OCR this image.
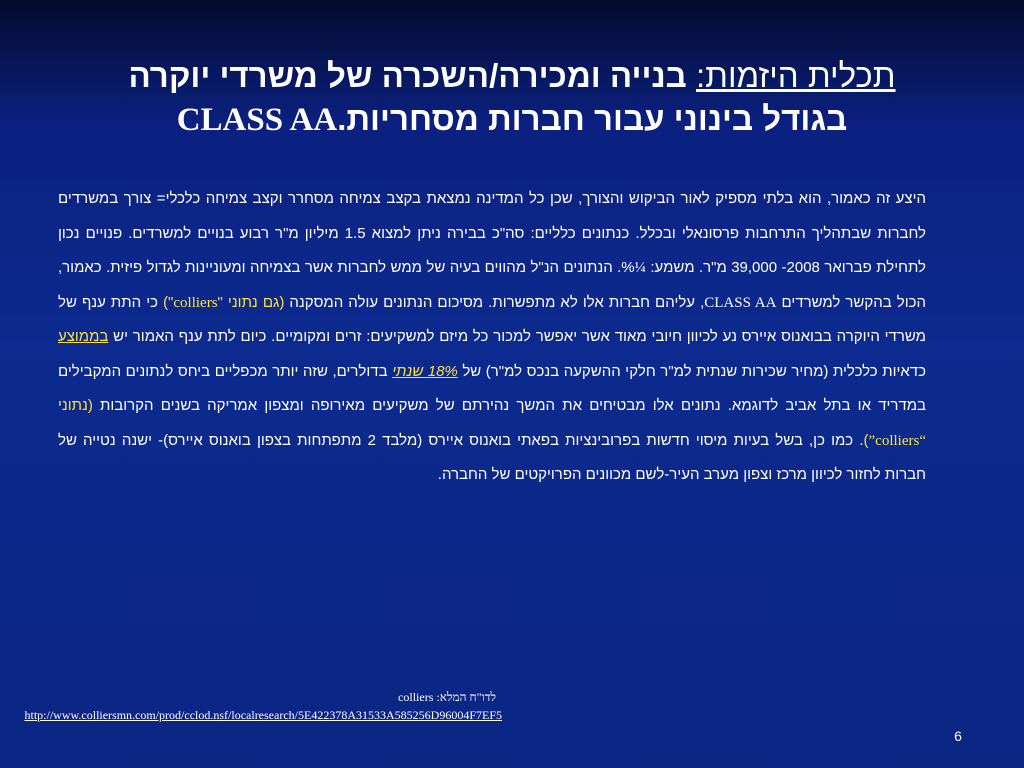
תכלית היזמות: בנייה ומכירה/השכרה של משרדי יוקרה
בגודל בינוני עבור חברות מסחריות.CLASS AA
היצע זה כאמור, הוא בלתי מספיק לאור הביקוש והצורך, שכן כל המדינה נמצאת בקצב צמיחה מסחרר וקצב צמיחה כלכלי= צורך במשרדים לחברות שבתהליך התרחבות פרסונאלי ובכלל. כנתונים כלליים: סה"כ בבירה ניתן למצוא 1.5 מיליון מ"ר רבוע בנויים למשרדים. פנויים נכון לתחילת פברואר 2008- 39,000 מ"ר. משמע: ¼%. הנתונים הנ"ל מהווים בעיה של ממש לחברות אשר בצמיחה ומעוניינות לגדול פיזית. כאמור, הכול בהקשר למשרדים CLASS AA, עליהם חברות אלו לא מתפשרות. מסיכום הנתונים עולה המסקנה (גם נתוני "colliers") כי התת ענף של משרדי היוקרה בבואנוס איירס נע לכיוון חיובי מאוד אשר יאפשר למכור כל מיזם למשקיעים: זרים ומקומיים. כיום לתת ענף האמור יש בממוצע כדאיות כלכלית (מחיר שכירות שנתית למ"ר חלקי ההשקעה בנכס למ"ר) של 18% שנתי בדולרים, שזה יותר מכפליים ביחס לנתונים המקבילים במדריד או בתל אביב לדוגמא. נתונים אלו מבטיחים את המשך נהירתם של משקיעים מאירופה ומצפון אמריקה בשנים הקרובות (נתוני “colliers”). כמו כן, בשל בעיות מיסוי חדשות בפרובינציות בפאתי בואנוס איירס (מלבד 2 מתפתחות בצפון בואנוס איירס)- ישנה נטייה של חברות לחזור לכיוון מרכז וצפון מערב העיר-לשם מכוונים הפרויקטים של החברה.
לדו"ח המלא: colliers
http://www.colliersmn.com/prod/cclod.nsf/localresearch/5E422378A31533A585256D96004F7EF5
6
